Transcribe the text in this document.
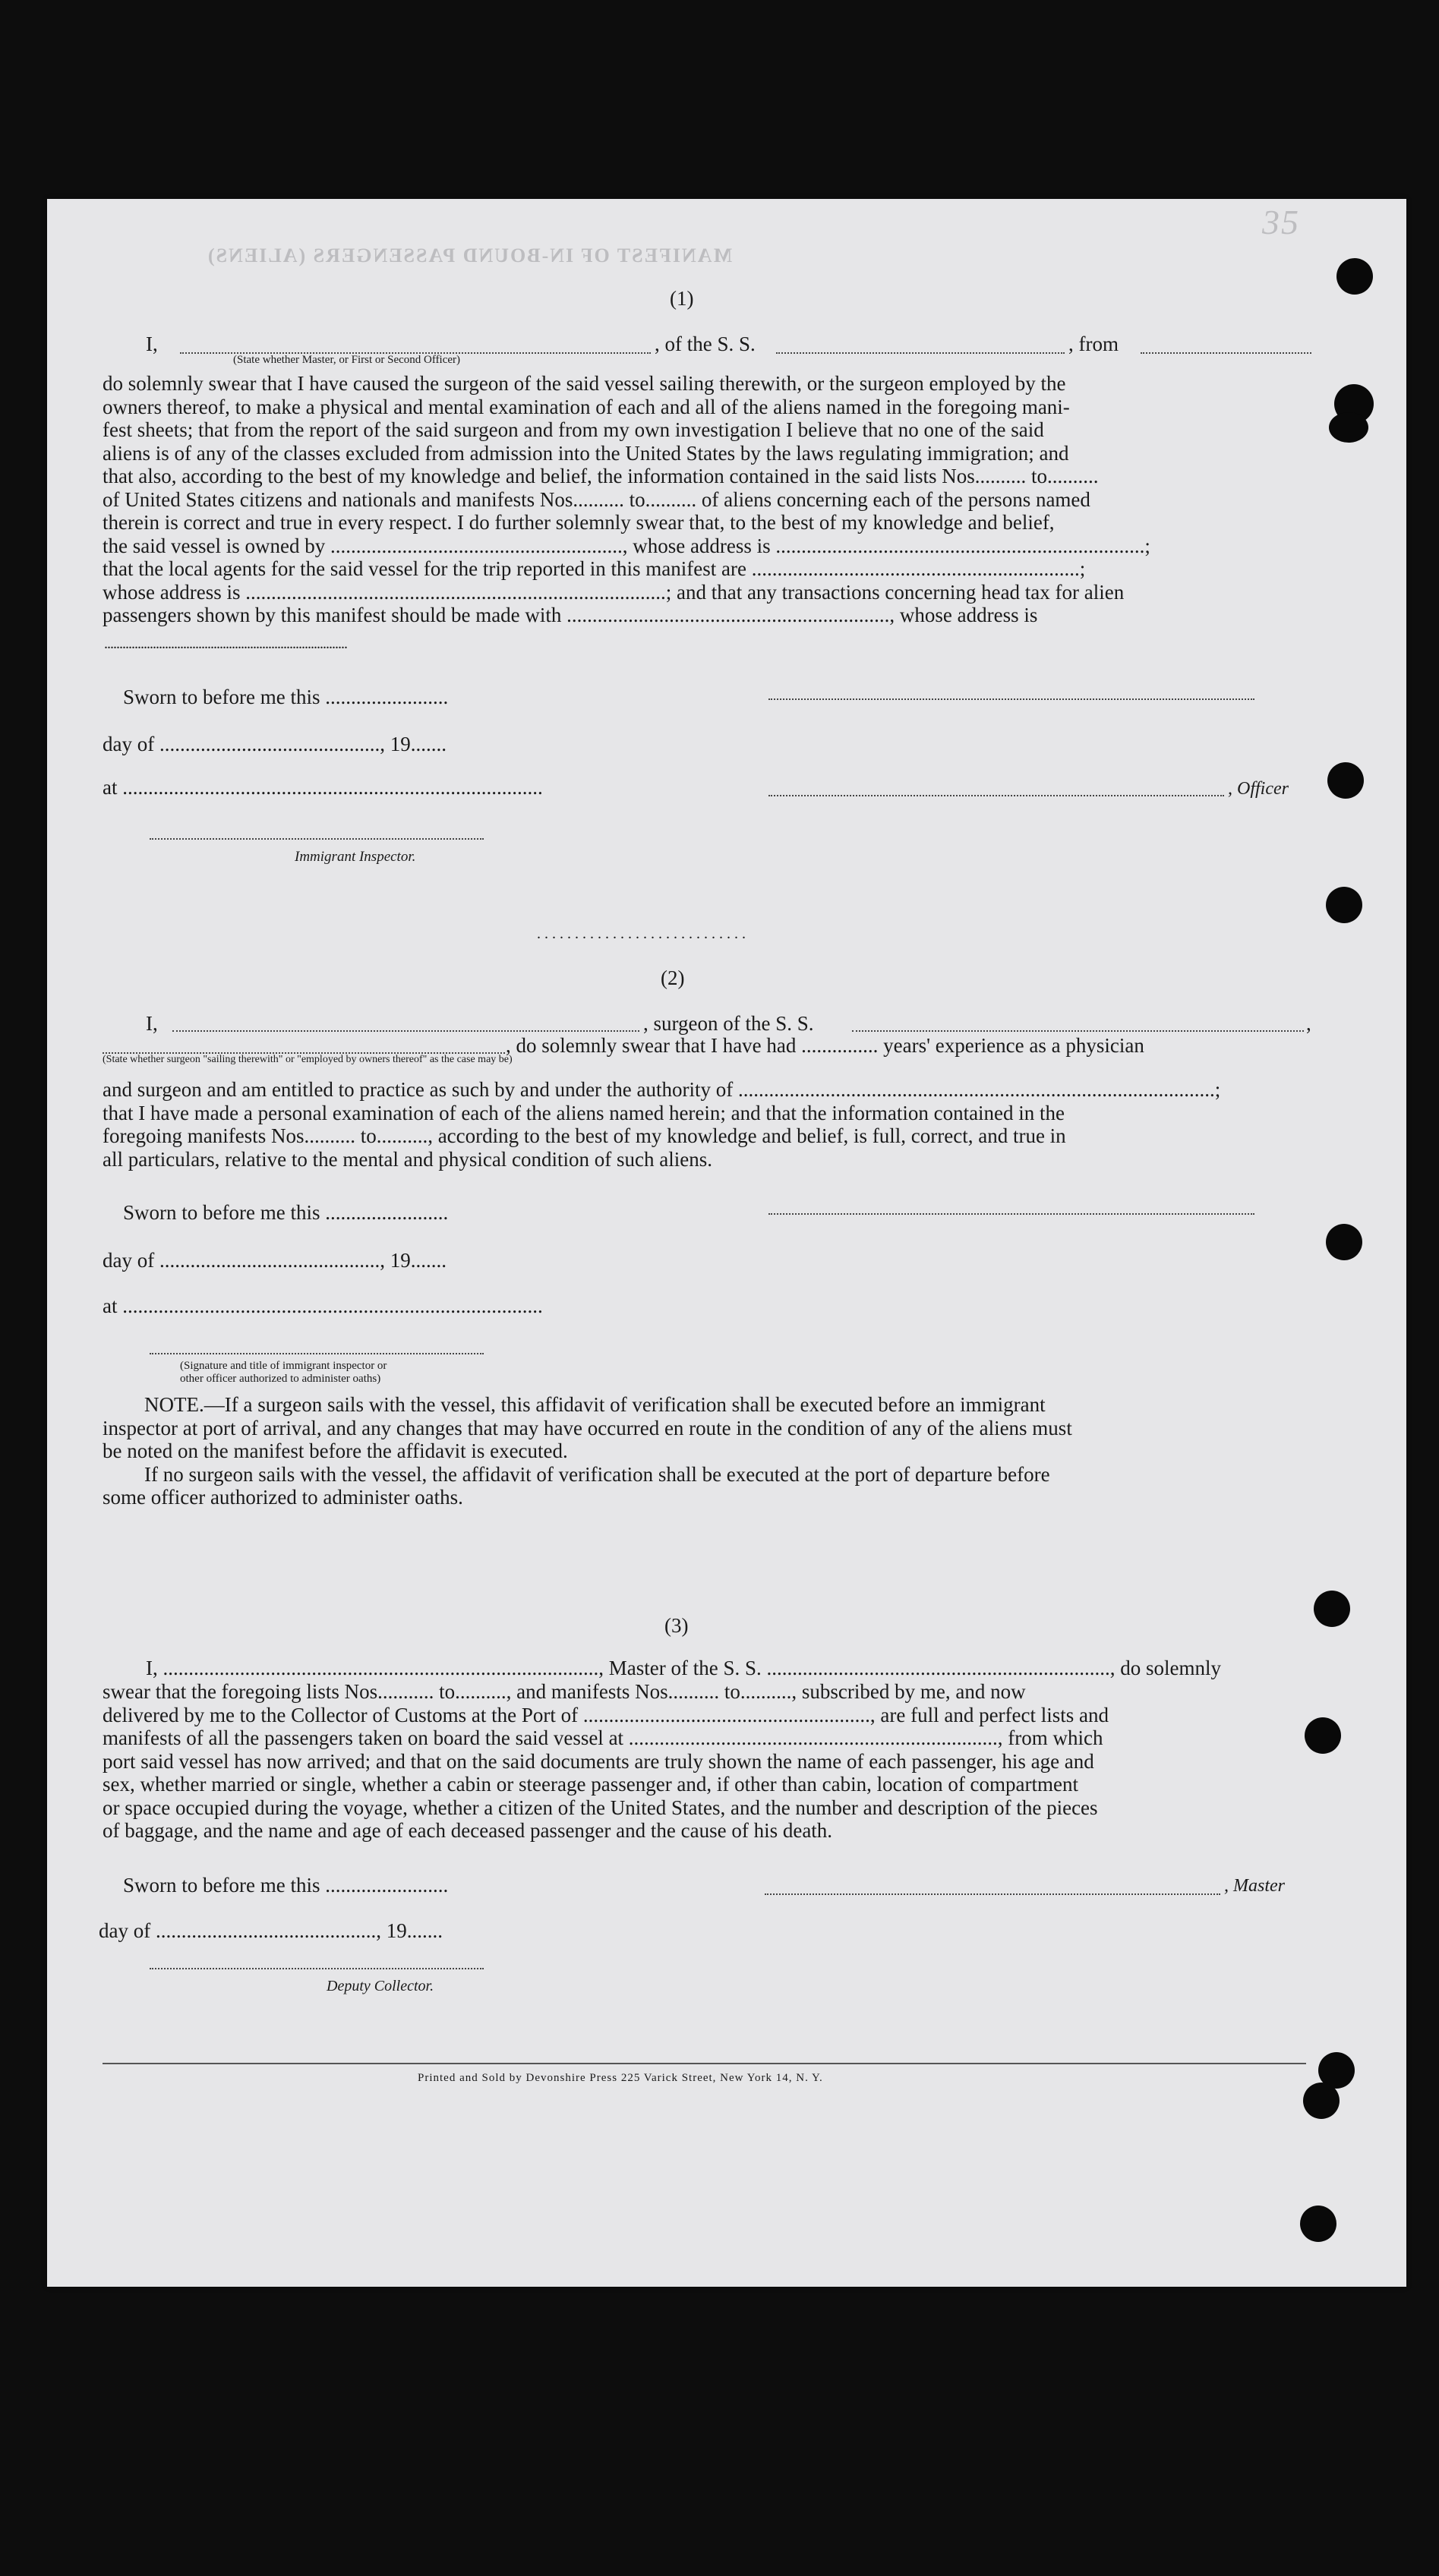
MANIFEST OF IN-BOUND PASSENGERS (ALIENS)
35
(1)
I,	, of the S. S.	, from
(State whether Master, or First or Second Officer)
do solemnly swear that I have caused the surgeon of the said vessel sailing therewith, or the surgeon employed by the
owners thereof, to make a physical and mental examination of each and all of the aliens named in the foregoing mani-
fest sheets; that from the report of the said surgeon and from my own investigation I believe that no one of the said
aliens is of any of the classes excluded from admission into the United States by the laws regulating immigration; and
that also, according to the best of my knowledge and belief, the information contained in the said lists Nos.......... to..........
of United States citizens and nationals and manifests Nos.......... to.......... of aliens concerning each of the persons named
therein is correct and true in every respect. I do further solemnly swear that, to the best of my knowledge and belief,
the said vessel is owned by ........................................................., whose address is ........................................................................;
that the local agents for the said vessel for the trip reported in this manifest are ................................................................;
whose address is ..................................................................................; and that any transactions concerning head tax for alien
passengers shown by this manifest should be made with ..............................................................., whose address is
................................................................................
Sworn to before me this ........................
day of ..........................................., 19.......
at ..................................................................................	, Officer
Immigrant Inspector.
. . . . . . . . . . . . . . . . . . . . . . . . . . . .
(2)
I,	, surgeon of the S. S.	,
, do solemnly swear that I have had ............... years' experience as a physician
(State whether surgeon "sailing therewith" or "employed by owners thereof" as the case may be)
and surgeon and am entitled to practice as such by and under the authority of .............................................................................................;
that I have made a personal examination of each of the aliens named herein; and that the information contained in the
foregoing manifests Nos.......... to.........., according to the best of my knowledge and belief, is full, correct, and true in
all particulars, relative to the mental and physical condition of such aliens.
Sworn to before me this ........................
day of ..........................................., 19.......
at ..................................................................................
(Signature and title of immigrant inspector or
other officer authorized to administer oaths)
NOTE.—If a surgeon sails with the vessel, this affidavit of verification shall be executed before an immigrant
inspector at port of arrival, and any changes that may have occurred en route in the condition of any of the aliens must
be noted on the manifest before the affidavit is executed.
If no surgeon sails with the vessel, the affidavit of verification shall be executed at the port of departure before
some officer authorized to administer oaths.
(3)
I, ....................................................................................., Master of the S. S. ..................................................................., do solemnly
swear that the foregoing lists Nos........... to.........., and manifests Nos.......... to.........., subscribed by me, and now
delivered by me to the Collector of Customs at the Port of ........................................................, are full and perfect lists and
manifests of all the passengers taken on board the said vessel at ........................................................................, from which
port said vessel has now arrived; and that on the said documents are truly shown the name of each passenger, his age and
sex, whether married or single, whether a cabin or steerage passenger and, if other than cabin, location of compartment
or space occupied during the voyage, whether a citizen of the United States, and the number and description of the pieces
of baggage, and the name and age of each deceased passenger and the cause of his death.
Sworn to before me this ........................	, Master
day of ..........................................., 19.......
Deputy Collector.
Printed and Sold by Devonshire Press 225 Varick Street, New York 14, N. Y.
